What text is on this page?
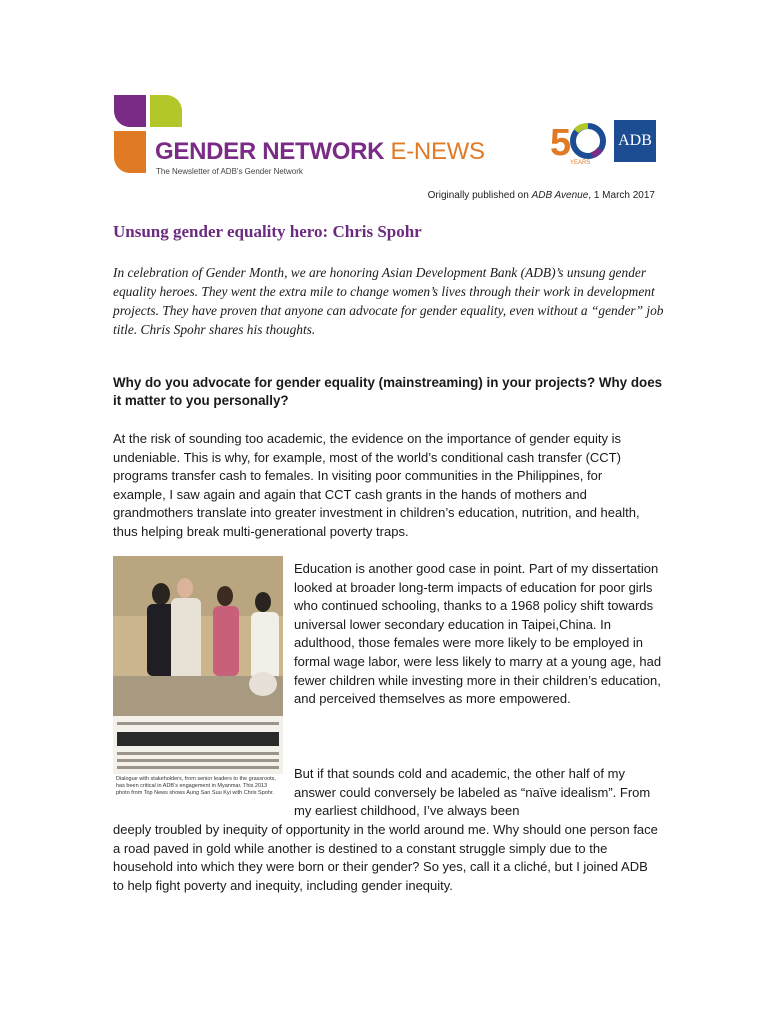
GENDER NETWORK E-NEWS
The Newsletter of ADB's Gender Network
5
YEARS
ADB
Originally published on ADB Avenue, 1 March 2017
Unsung gender equality hero: Chris Spohr

In celebration of Gender Month, we are honoring Asian Development Bank (ADB)’s unsung gender equality heroes. They went the extra mile to change women’s lives through their work in development projects. They have proven that anyone can advocate for gender equality, even without a “gender” job title. Chris Spohr shares his thoughts.

Why do you advocate for gender equality (mainstreaming) in your projects? Why does it matter to you personally?

At the risk of sounding too academic, the evidence on the importance of gender equity is undeniable. This is why, for example, most of the world’s conditional cash transfer (CCT) programs transfer cash to females. In visiting poor communities in the Philippines, for example, I saw again and again that CCT cash grants in the hands of mothers and grandmothers translate into greater investment in children’s education, nutrition, and health, thus helping break multi-generational poverty traps.

Dialogue with stakeholders, from senior leaders to the grassroots, has been critical in ADB’s engagement in Myanmar. This 2013 photo from Top News shows Aung San Suu Kyi with Chris Spohr.

Education is another good case in point. Part of my dissertation looked at broader long-term impacts of education for poor girls who continued schooling, thanks to a 1968 policy shift towards universal lower secondary education in Taipei,China. In adulthood, those females were more likely to be employed in formal wage labor, were less likely to marry at a young age, had fewer children while investing more in their children’s education, and perceived themselves as more empowered.

But if that sounds cold and academic, the other half of my answer could conversely be labeled as “naïve idealism”. From my earliest childhood, I’ve always been

deeply troubled by inequity of opportunity in the world around me. Why should one person face a road paved in gold while another is destined to a constant struggle simply due to the household into which they were born or their gender? So yes, call it a cliché, but I joined ADB to help fight poverty and inequity, including gender inequity.
